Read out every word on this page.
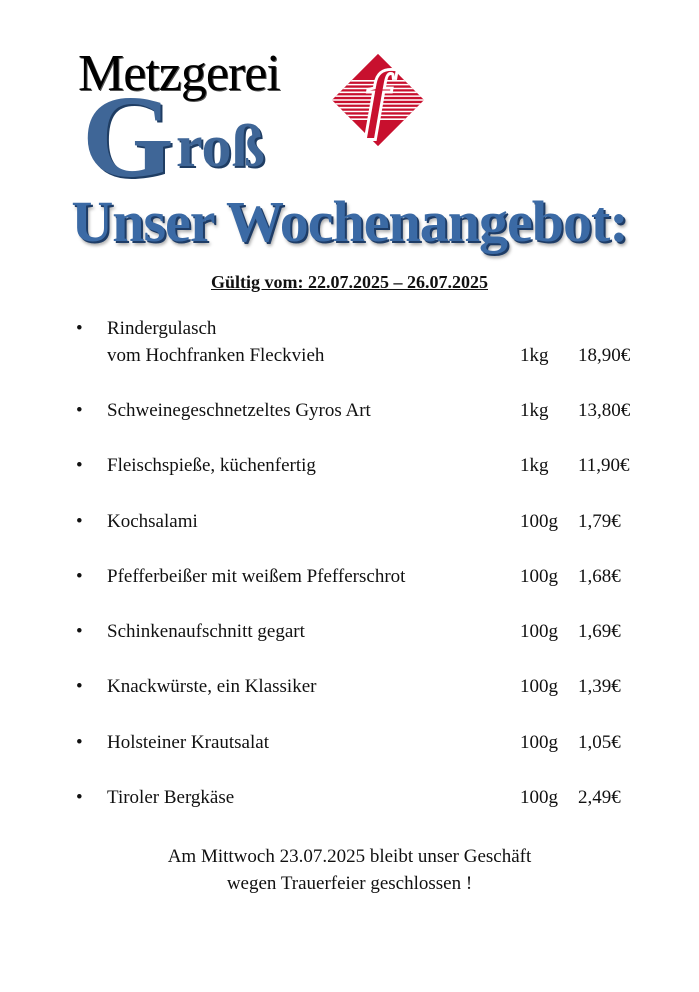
G roß
Metzgerei f
Unser Wochenangebot:
Gültig vom: 22.07.2025 – 26.07.2025
•	Rindergulasch
vom Hochfranken Fleckvieh	1kg 18,90€
•	Schweinegeschnetzeltes Gyros Art	1kg 13,80€
•	Fleischspieße, küchenfertig	1kg 11,90€
•	Kochsalami	100g 1,79€
•	Pfefferbeißer mit weißem Pfefferschrot	100g 1,68€
•	Schinkenaufschnitt gegart	100g 1,69€
•	Knackwürste, ein Klassiker	100g 1,39€
•	Holsteiner Krautsalat	100g 1,05€
•	Tiroler Bergkäse	100g 2,49€
Am Mittwoch 23.07.2025 bleibt unser Geschäft
wegen Trauerfeier geschlossen !
